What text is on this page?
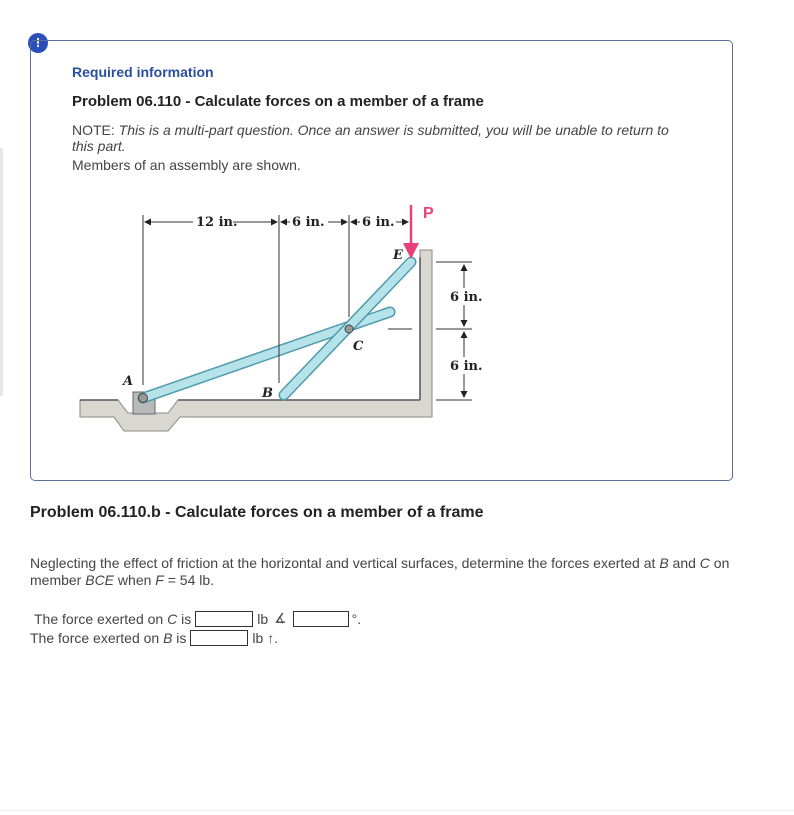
!
Required information
Problem 06.110 - Calculate forces on a member of a frame
NOTE: This is a multi-part question. Once an answer is submitted, you will be unable to return to this part.
Members of an assembly are shown.
12 in.	6 in.	6 in.
6 in.
6 in.
P
E
C
A
B
Problem 06.110.b - Calculate forces on a member of a frame
Neglecting the effect of friction at the horizontal and vertical surfaces, determine the forces exerted at B and C on member BCE when F = 54 lb.
The force exerted on C is	lb ∡	°.
The force exerted on B is	lb ↑.
